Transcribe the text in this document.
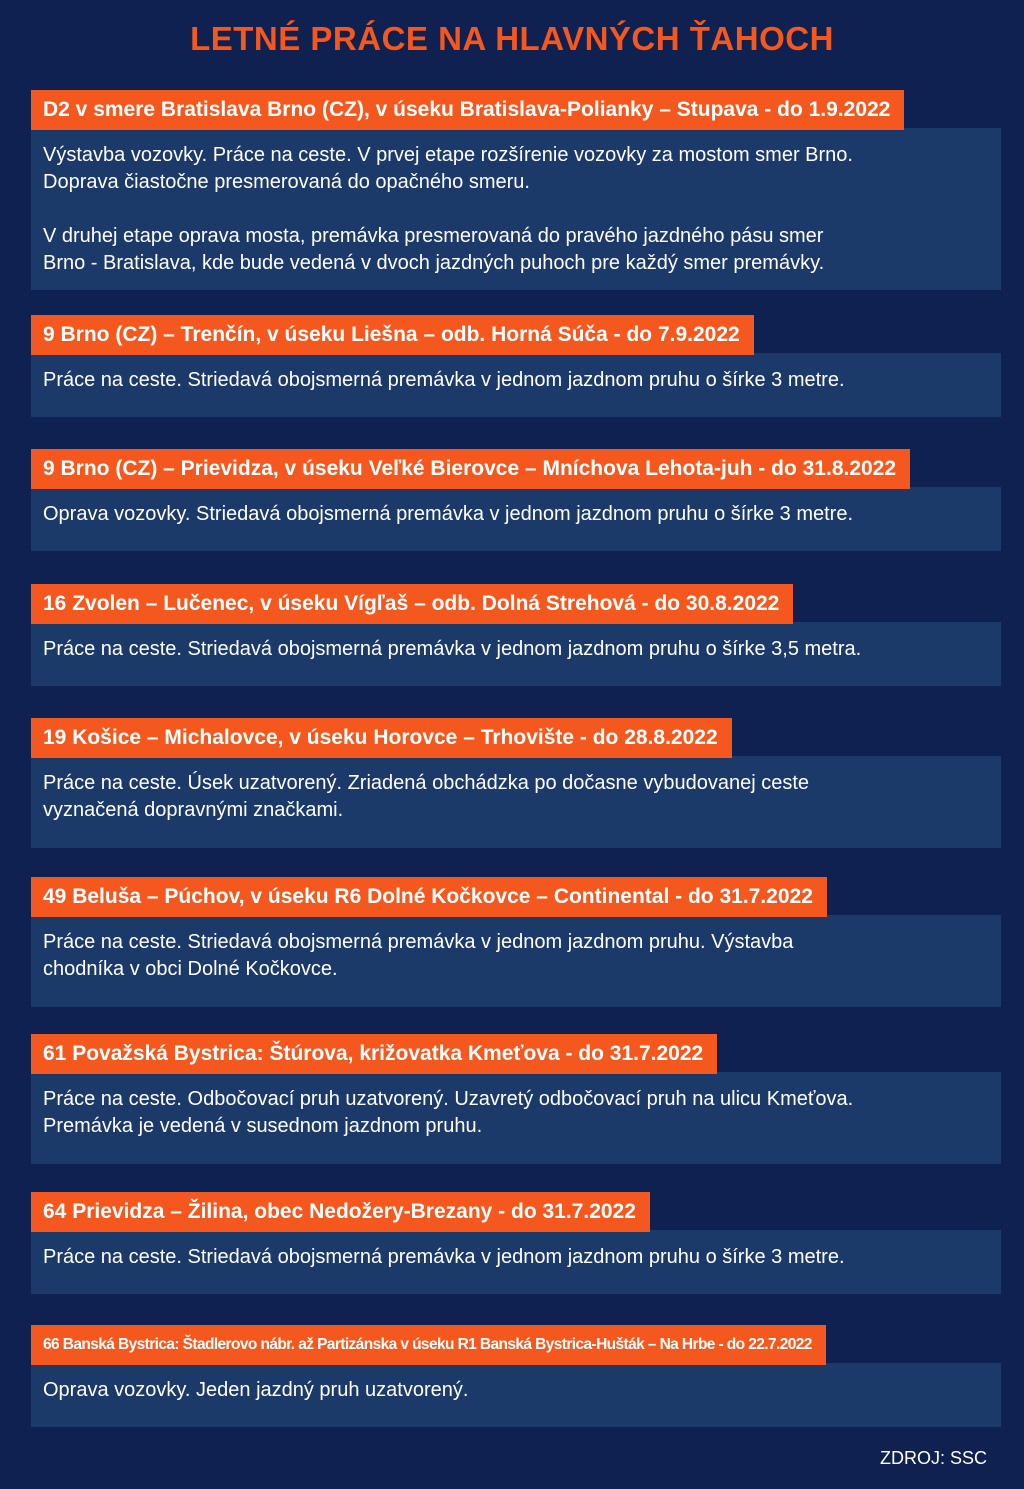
LETNÉ PRÁCE NA HLAVNÝCH ŤAHOCH
D2 v smere Bratislava Brno (CZ), v úseku Bratislava-Polianky – Stupava - do 1.9.2022
Výstavba vozovky. Práce na ceste. V prvej etape rozšírenie vozovky za mostom smer Brno.
Doprava čiastočne presmerovaná do opačného smeru.

V druhej etape oprava mosta, premávka presmerovaná do pravého jazdného pásu smer
Brno - Bratislava, kde bude vedená v dvoch jazdných puhoch pre každý smer premávky.
9 Brno (CZ) – Trenčín, v úseku Liešna – odb. Horná Súča - do 7.9.2022
Práce na ceste. Striedavá obojsmerná premávka v jednom jazdnom pruhu o šírke 3 metre.
9 Brno (CZ) – Prievidza, v úseku Veľké Bierovce – Mníchova Lehota-juh - do 31.8.2022
Oprava vozovky. Striedavá obojsmerná premávka v jednom jazdnom pruhu o šírke 3 metre.
16 Zvolen – Lučenec, v úseku Vígľaš – odb. Dolná Strehová - do 30.8.2022
Práce na ceste. Striedavá obojsmerná premávka v jednom jazdnom pruhu o šírke 3,5 metra.
19 Košice – Michalovce, v úseku Horovce – Trhovište - do 28.8.2022
Práce na ceste. Úsek uzatvorený. Zriadená obchádzka po dočasne vybudovanej ceste
vyznačená dopravnými značkami.
49 Beluša – Púchov, v úseku R6 Dolné Kočkovce – Continental - do 31.7.2022
Práce na ceste. Striedavá obojsmerná premávka v jednom jazdnom pruhu. Výstavba
chodníka v obci Dolné Kočkovce.
61 Považská Bystrica: Štúrova, križovatka Kmeťova - do 31.7.2022
Práce na ceste. Odbočovací pruh uzatvorený. Uzavretý odbočovací pruh na ulicu Kmeťova.
Premávka je vedená v susednom jazdnom pruhu.
64 Prievidza – Žilina, obec Nedožery-Brezany - do 31.7.2022
Práce na ceste. Striedavá obojsmerná premávka v jednom jazdnom pruhu o šírke 3 metre.
66 Banská Bystrica: Štadlerovo nábr. až Partizánska v úseku R1 Banská Bystrica-Hušták – Na Hrbe - do 22.7.2022
Oprava vozovky. Jeden jazdný pruh uzatvorený.
ZDROJ: SSC
